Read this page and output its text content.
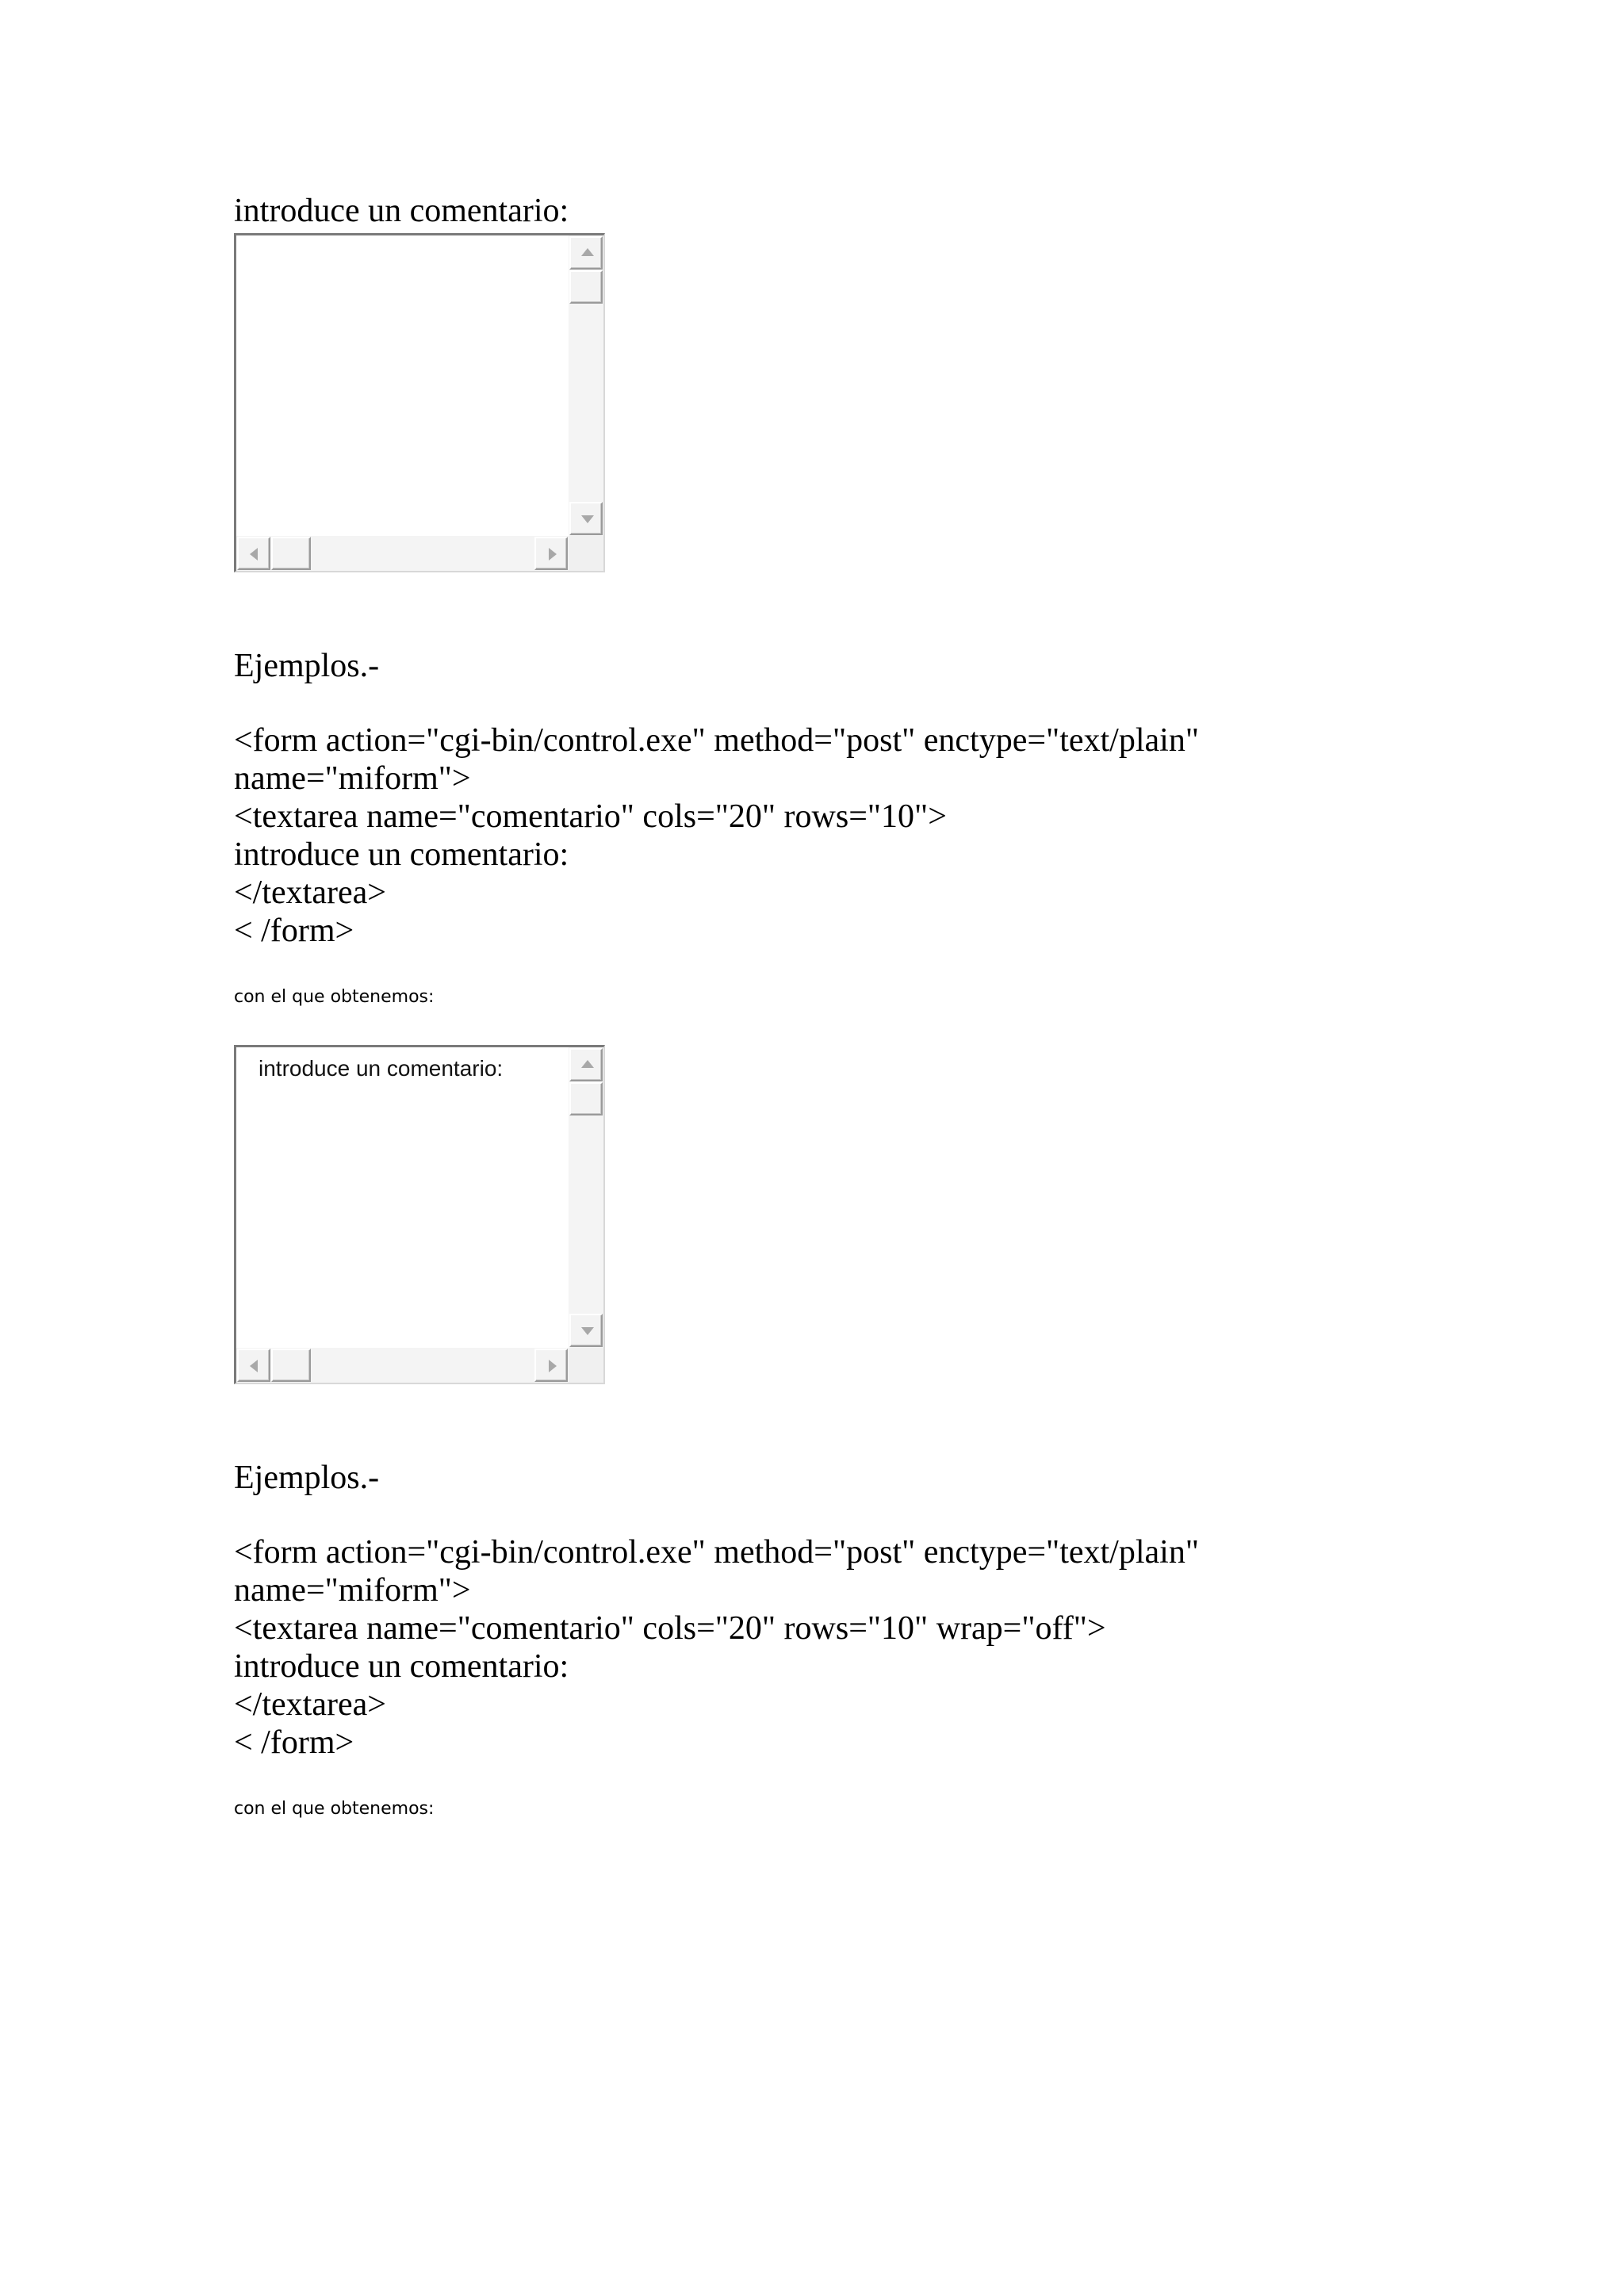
introduce un comentario:
Ejemplos.-
<form action="cgi-bin/control.exe" method="post" enctype="text/plain"
name="miform">
<textarea name="comentario" cols="20" rows="10">
introduce un comentario:
</textarea>
< /form>
con el que obtenemos:
introduce un comentario:
Ejemplos.-
<form action="cgi-bin/control.exe" method="post" enctype="text/plain"
name="miform">
<textarea name="comentario" cols="20" rows="10" wrap="off">
introduce un comentario:
</textarea>
< /form>
con el que obtenemos:
